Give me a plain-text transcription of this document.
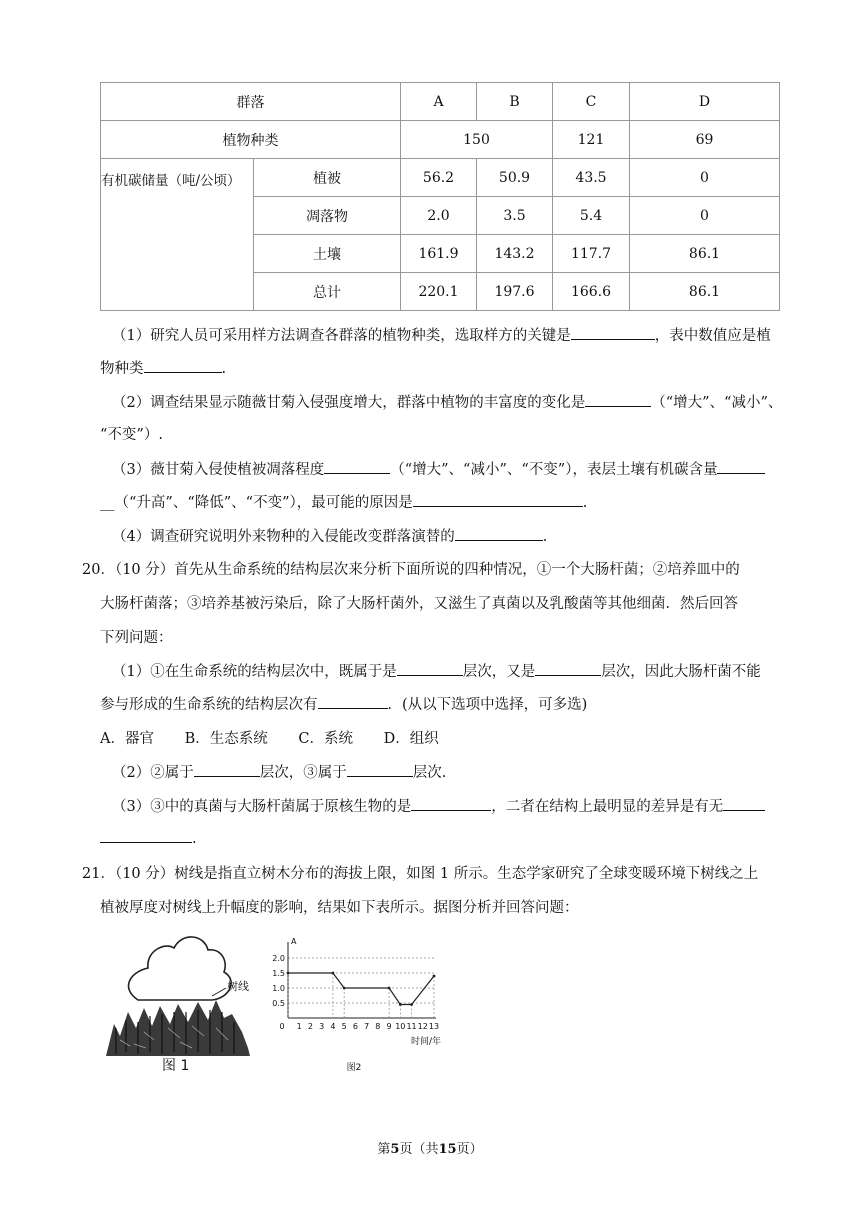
群落		A	B	C	D
植物种类		150		121	69
有机碳储量（吨/公顷）	植被	56.2	50.9	43.5	0
	凋落物	2.0	3.5	5.4	0
	土壤	161.9	143.2	117.7	86.1
	总计	220.1	197.6	166.6	86.1
（1）研究人员可采用样方法调查各群落的植物种类，选取样方的关键是	，表中数值应是植
物种类	.
（2）调查结果显示随薇甘菊入侵强度增大，群落中植物的丰富度的变化是	（“增大”、“减小”、
“不变”）.
（3）薇甘菊入侵使植被凋落程度	（“增大”、“减小”、“不变”），表层土壤有机碳含量
__（“升高”、“降低”、“不变”），最可能的原因是	.
（4）调查研究说明外来物种的入侵能改变群落演替的	.
20．（10 分）首先从生命系统的结构层次来分析下面所说的四种情况，①一个大肠杆菌；②培养皿中的
大肠杆菌落；③培养基被污染后，除了大肠杆菌外，又滋生了真菌以及乳酸菌等其他细菌．然后回答
下列问题：
（1）①在生命系统的结构层次中，既属于是	层次，又是	层次，因此大肠杆菌不能
参与形成的生命系统的结构层次有	．(从以下选项中选择，可多选)
A．器官 B．生态系统 C．系统 D．组织
（2）②属于	层次，③属于	层次.
（3）③中的真菌与大肠杆菌属于原核生物的是	，二者在结构上最明显的差异是有无
.
21．（10 分）树线是指直立树木分布的海拔上限，如图 1 所示。生态学家研究了全球变暖环境下树线之上
植被厚度对树线上升幅度的影响，结果如下表所示。据图分析并回答问题：
树线
图 1
A
0.5
1.0
1.5
2.0
0 1 2 3 4 5 6 7 8 9 10 11 12 13
时间/年
图2
第5页（共15页）
